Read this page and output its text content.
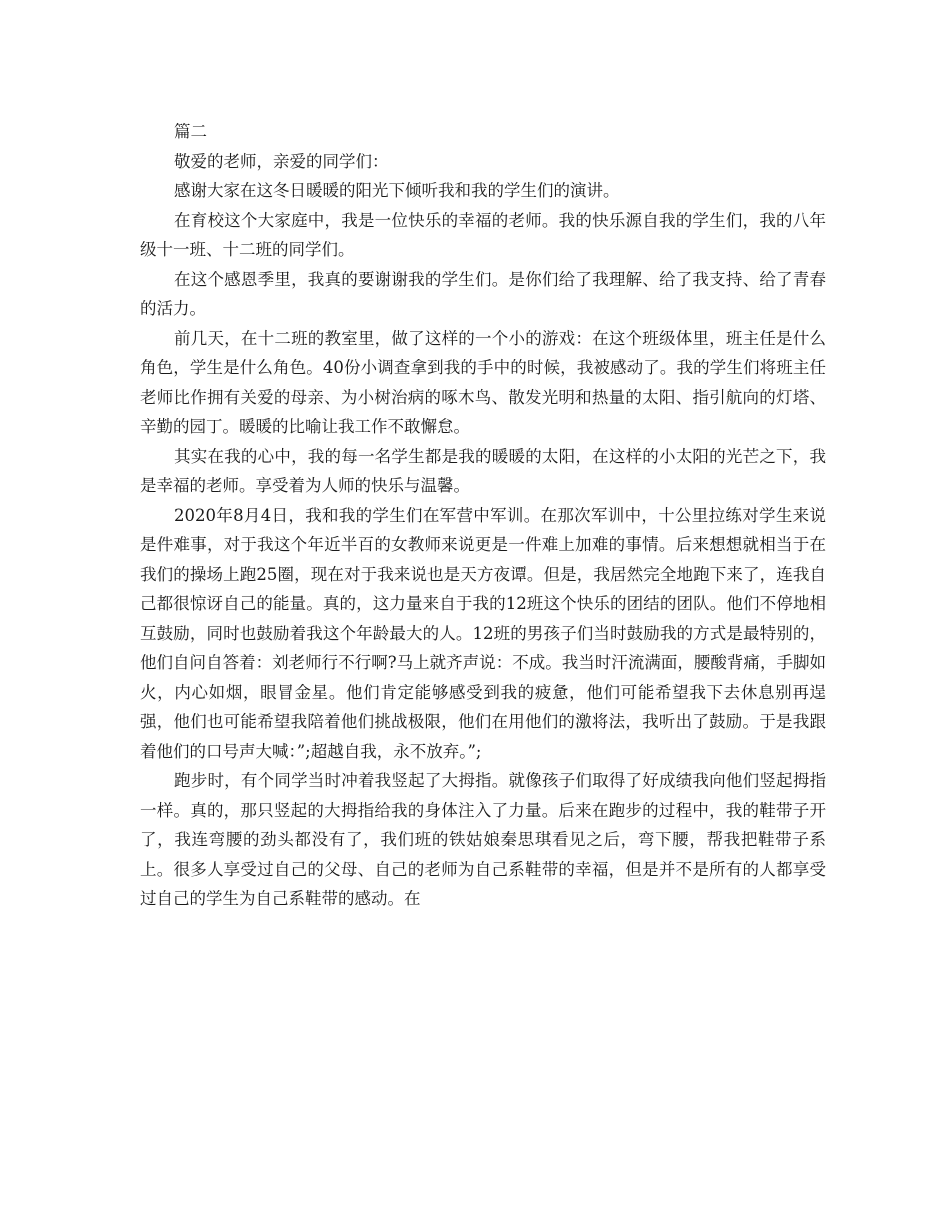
篇二

敬爱的老师，亲爱的同学们：

感谢大家在这冬日暖暖的阳光下倾听我和我的学生们的演讲。

在育校这个大家庭中，我是一位快乐的幸福的老师。我的快乐源自我的学生们，我的八年级十一班、十二班的同学们。

在这个感恩季里，我真的要谢谢我的学生们。是你们给了我理解、给了我支持、给了青春的活力。

前几天，在十二班的教室里，做了这样的一个小的游戏：在这个班级体里，班主任是什么角色，学生是什么角色。40份小调查拿到我的手中的时候，我被感动了。我的学生们将班主任老师比作拥有关爱的母亲、为小树治病的啄木鸟、散发光明和热量的太阳、指引航向的灯塔、辛勤的园丁。暖暖的比喻让我工作不敢懈怠。

其实在我的心中，我的每一名学生都是我的暖暖的太阳，在这样的小太阳的光芒之下，我是幸福的老师。享受着为人师的快乐与温馨。

2020年8月4日，我和我的学生们在军营中军训。在那次军训中，十公里拉练对学生来说是件难事，对于我这个年近半百的女教师来说更是一件难上加难的事情。后来想想就相当于在我们的操场上跑25圈，现在对于我来说也是天方夜谭。但是，我居然完全地跑下来了，连我自己都很惊讶自己的能量。真的，这力量来自于我的12班这个快乐的团结的团队。他们不停地相互鼓励，同时也鼓励着我这个年龄最大的人。12班的男孩子们当时鼓励我的方式是最特别的，他们自问自答着：刘老师行不行啊?马上就齐声说：不成。我当时汗流满面，腰酸背痛，手脚如火，内心如烟，眼冒金星。他们肯定能够感受到我的疲惫，他们可能希望我下去休息别再逞强，他们也可能希望我陪着他们挑战极限，他们在用他们的激将法，我听出了鼓励。于是我跟着他们的口号声大喊：”;超越自我，永不放弃。”;

跑步时，有个同学当时冲着我竖起了大拇指。就像孩子们取得了好成绩我向他们竖起拇指一样。真的，那只竖起的大拇指给我的身体注入了力量。后来在跑步的过程中，我的鞋带子开了，我连弯腰的劲头都没有了，我们班的铁姑娘秦思琪看见之后，弯下腰，帮我把鞋带子系上。很多人享受过自己的父母、自己的老师为自己系鞋带的幸福，但是并不是所有的人都享受过自己的学生为自己系鞋带的感动。在
